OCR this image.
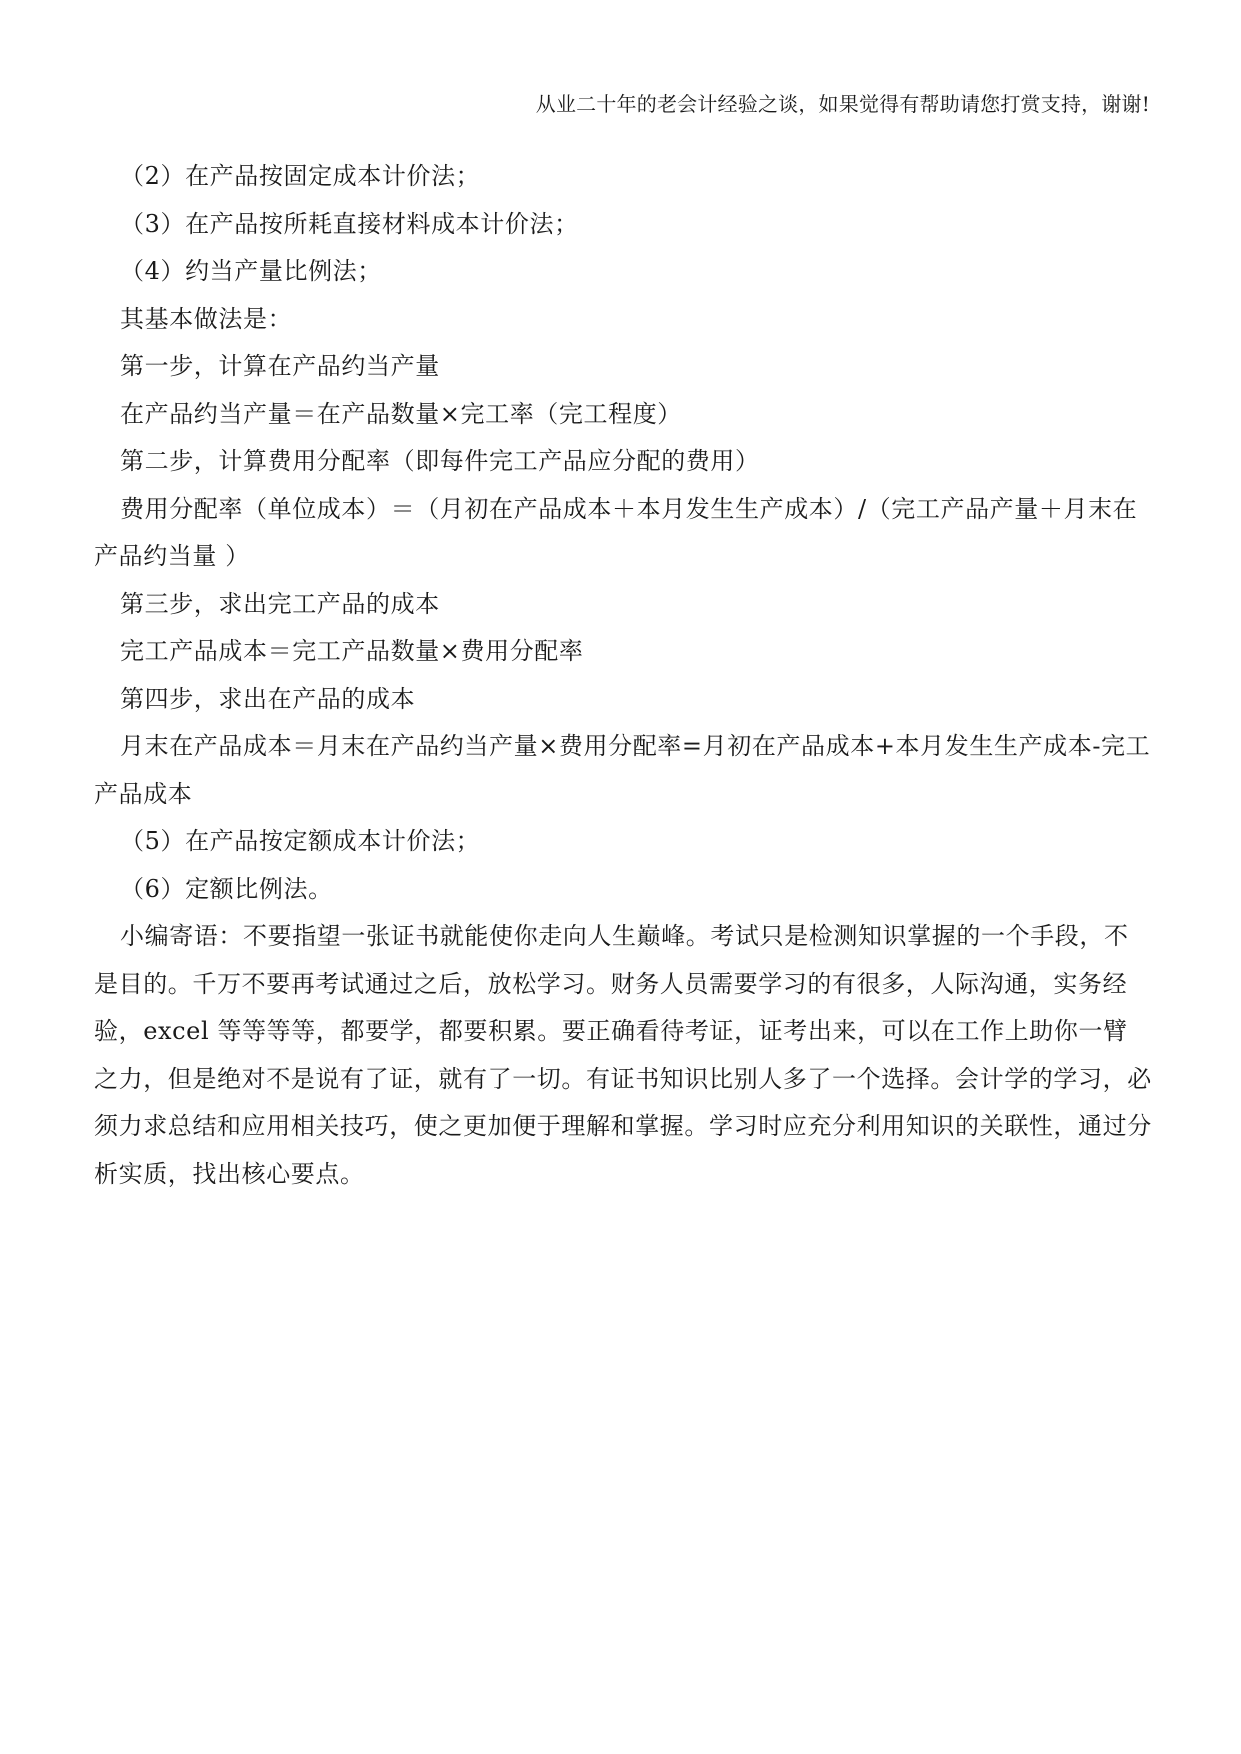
从业二十年的老会计经验之谈，如果觉得有帮助请您打赏支持，谢谢!

（2）在产品按固定成本计价法；

（3）在产品按所耗直接材料成本计价法；

（4）约当产量比例法；

其基本做法是：

第一步，计算在产品约当产量

在产品约当产量＝在产品数量×完工率（完工程度）

第二步，计算费用分配率（即每件完工产品应分配的费用）

费用分配率（单位成本）＝（月初在产品成本＋本月发生生产成本）/（完工产品产量＋月末在产品约当量 ）

第三步，求出完工产品的成本

完工产品成本＝完工产品数量×费用分配率

第四步，求出在产品的成本

月末在产品成本＝月末在产品约当产量×费用分配率=月初在产品成本+本月发生生产成本-完工产品成本

（5）在产品按定额成本计价法；

（6）定额比例法。

小编寄语：不要指望一张证书就能使你走向人生巅峰。考试只是检测知识掌握的一个手段，不是目的。千万不要再考试通过之后，放松学习。财务人员需要学习的有很多，人际沟通，实务经验，excel 等等等等，都要学，都要积累。要正确看待考证，证考出来，可以在工作上助你一臂之力，但是绝对不是说有了证，就有了一切。有证书知识比别人多了一个选择。会计学的学习，必须力求总结和应用相关技巧，使之更加便于理解和掌握。学习时应充分利用知识的关联性，通过分析实质，找出核心要点。
